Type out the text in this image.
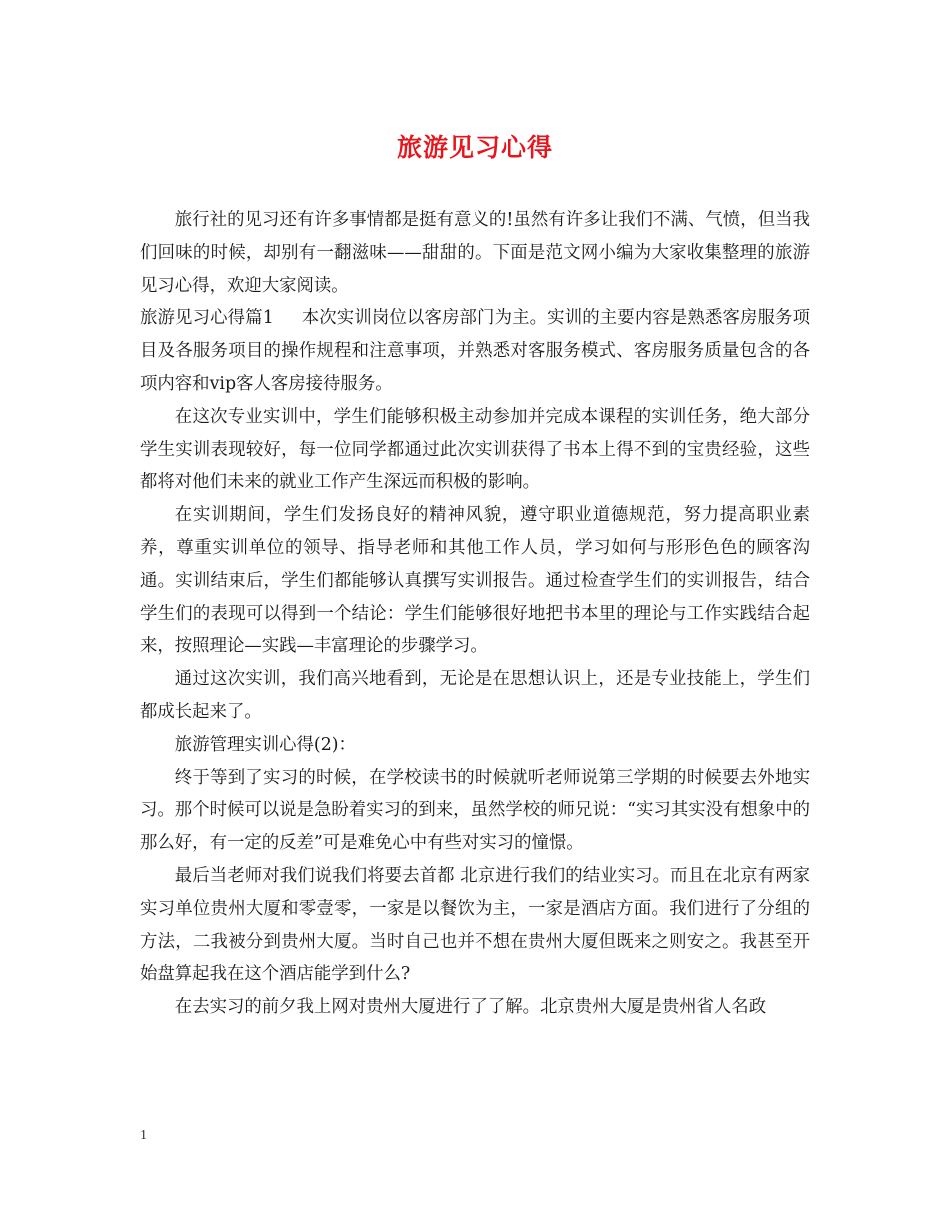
旅游见习心得

旅行社的见习还有许多事情都是挺有意义的!虽然有许多让我们不满、气愤，但当我们回味的时候，却别有一翻滋味——甜甜的。下面是范文网小编为大家收集整理的旅游见习心得，欢迎大家阅读。

旅游见习心得篇1 本次实训岗位以客房部门为主。实训的主要内容是熟悉客房服务项目及各服务项目的操作规程和注意事项，并熟悉对客服务模式、客房服务质量包含的各项内容和vip客人客房接待服务。

在这次专业实训中，学生们能够积极主动参加并完成本课程的实训任务，绝大部分学生实训表现较好，每一位同学都通过此次实训获得了书本上得不到的宝贵经验，这些都将对他们未来的就业工作产生深远而积极的影响。

在实训期间，学生们发扬良好的精神风貌，遵守职业道德规范，努力提高职业素养，尊重实训单位的领导、指导老师和其他工作人员，学习如何与形形色色的顾客沟通。实训结束后，学生们都能够认真撰写实训报告。通过检查学生们的实训报告，结合学生们的表现可以得到一个结论：学生们能够很好地把书本里的理论与工作实践结合起来，按照理论—实践—丰富理论的步骤学习。

通过这次实训，我们高兴地看到，无论是在思想认识上，还是专业技能上，学生们都成长起来了。

旅游管理实训心得(2)：

终于等到了实习的时候，在学校读书的时候就听老师说第三学期的时候要去外地实习。那个时候可以说是急盼着实习的到来，虽然学校的师兄说：“实习其实没有想象中的那么好，有一定的反差”可是难免心中有些对实习的憧憬。

最后当老师对我们说我们将要去首都 北京进行我们的结业实习。而且在北京有两家实习单位贵州大厦和零壹零，一家是以餐饮为主，一家是酒店方面。我们进行了分组的方法，二我被分到贵州大厦。当时自己也并不想在贵州大厦但既来之则安之。我甚至开始盘算起我在这个酒店能学到什么?

在去实习的前夕我上网对贵州大厦进行了了解。北京贵州大厦是贵州省人名政

1
